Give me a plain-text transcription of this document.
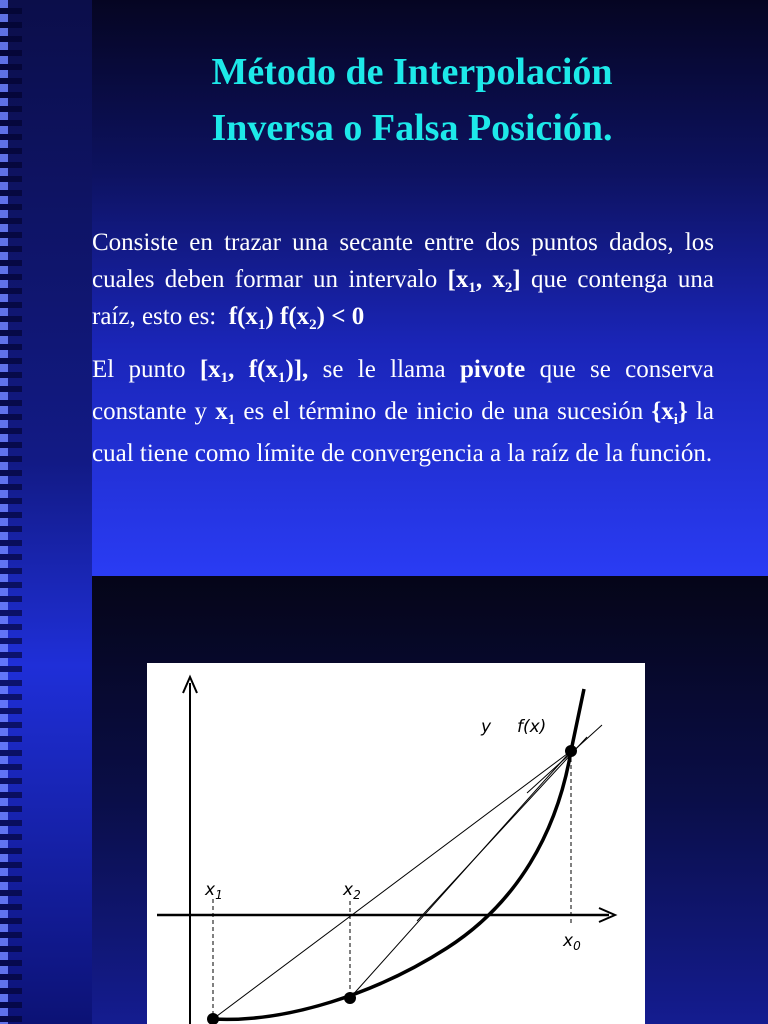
Método de Interpolación
Inversa o Falsa Posición.

Consiste en trazar una secante entre dos puntos dados, los cuales deben formar un intervalo [$x_1$, $x_2$] que contenga una raíz, esto es:  $f(x_1) f(x_2) < 0$

El punto [$x_1$, $f(x_1)$], se le llama pivote que se conserva constante y $x_1$ es el término de inicio de una sucesión $\{x_i\}$ la cual tiene como límite de convergencia a la raíz de la función.

y f(x)
$x_1$	$x_2$
$x_0$
